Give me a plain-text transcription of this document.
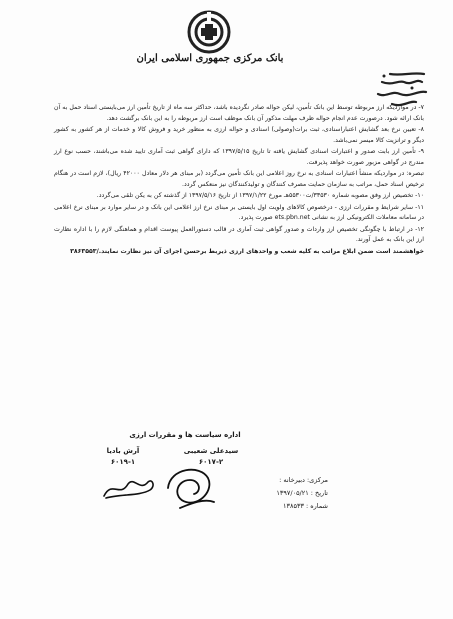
بانک مرکزی جمهوری اسلامی ایران

۷- در مواردیکه ارز مربوطه توسط این بانک تأمین، لیکن حواله صادر نگردیده باشد، حداکثر سه ماه از تاریخ تأمین ارز می‌بایستی اسناد حمل به آن بانک ارائه شود. درصورت عدم انجام حواله ظرف مهلت مذکور آن بانک موظف است ارز مربوطه را به این بانک برگشت دهد.

۸- تعیین نرخ بعد گشایش اعتبار‌اسنادی، ثبت برات(وصولی) اسنادی و حواله ارزی به منظور خرید و فروش کالا و خدمات از هر کشور به کشور دیگر و ترانزیت کالا میسر نمی‌باشد.

۹- تأمین ارز بابت صدور و اعتبارات اسنادی گشایش یافته تا تاریخ ۱۳۹۷/۵/۱۵ که دارای گواهی ثبت آماری تایید شده می‌باشند، حسب نوع ارز مندرج در گواهی مزبور صورت خواهد پذیرفت.

تبصره: در مواردیکه منشأ اعتبارات اسنادی به نرخ روز اعلامی این بانک تأمین می‌گردد (بر مبنای هر دلار معادل ۴۲۰۰۰ ریال)، لازم است در هنگام ترخیص اسناد حمل، مراتب به سازمان حمایت مصرف کنندگان و تولیدکنندگان نیز منعکس گردد.

۱۰- تخصیص ارز وفق مصوبه شماره ۳۳۵۳۰/ت۵۵۳۰۰هـ مورخ ۱۳۹۷/۱/۲۲ از تاریخ ۱۳۹۷/۵/۱۶ از گذشته کن به یکن تلقی می‌گردد.

۱۱- سایر شرایط و مقررات ارزی - درخصوص کالاهای ولویت اول بایستی بر مبنای نرخ ارز اعلامی این بانک و در سایر موارد بر مبنای نرخ اعلامی در سامانه معاملات الکترونیکی ارز به نشانی ets.pbn.net صورت پذیرد.

۱۲- در ارتباط با چگونگی تخصیص ارز واردات و صدور گواهی ثبت آماری در قالب دستورالعمل پیوست اقدام و هماهنگی لازم را با اداره نظارت ارز این بانک به عمل آورند.

خواهشمند است ضمن ابلاغ مراتب به کلیه شعب و واحدهای ارزی ذیربط برحسن اجرای آن نیز نظارت نمایند./۳۸۶۳۵۵۳

اداره سیاست ها و مقررات ارزی
سیدعلی شعیبی
۶۰۱۷-۲
آرش بادیا
۶۰۱۹-۱
مرکزی: دبیرخانه :
تاریخ : ۱۳۹۷/۰۵/۲۱
شماره : ۱۳۸۵۳۳
